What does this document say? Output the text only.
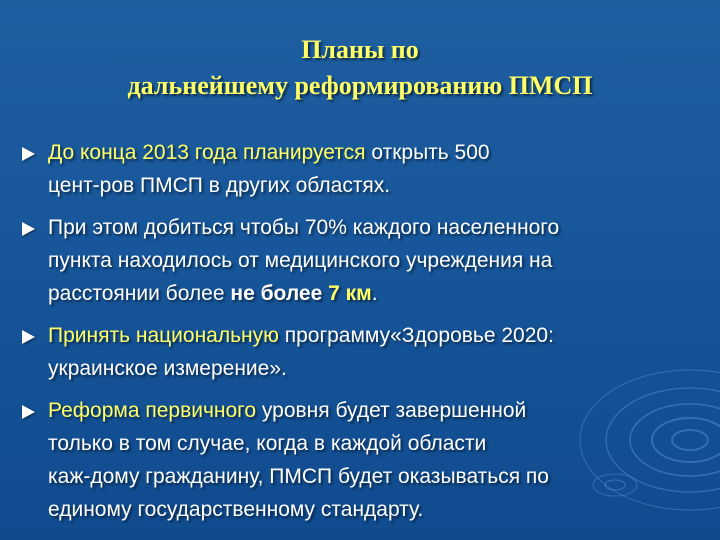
Планы по
дальнейшему реформированию ПМСП
До конца 2013 года планируется открыть 500
цент-ров ПМСП в других областях.
При этом добиться чтобы 70% каждого населенного
пункта находилось от медицинского учреждения на
расстоянии более не более 7 км.
Принять национальную программу«Здоровье 2020:
украинское измерение».
Реформа первичного уровня будет завершенной
только в том случае, когда в каждой области
каж-дому гражданину, ПМСП будет оказываться по
единому государственному стандарту.
